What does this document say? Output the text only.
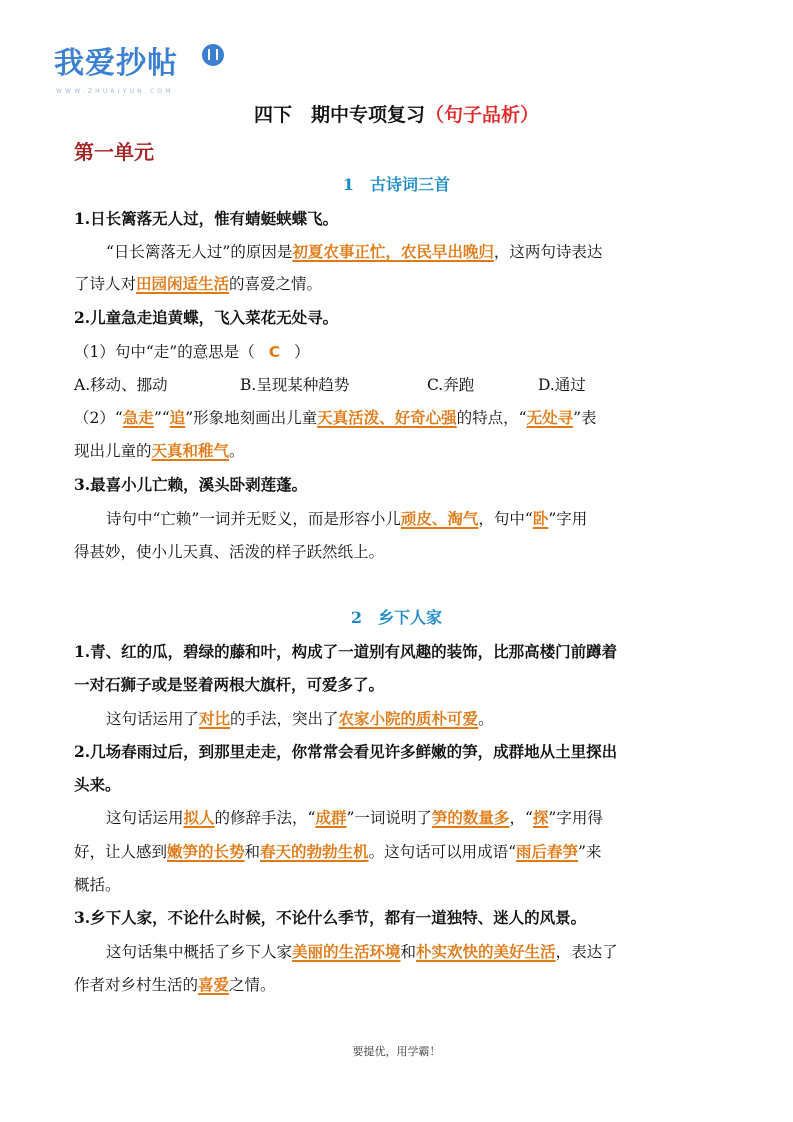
我爱抄帖
WWW.ZHUAIYUN.COM
四下　期中专项复习（句子品析）
第一单元
1　古诗词三首
1.日长篱落无人过，惟有蜻蜓蛱蝶飞。
“日长篱落无人过”的原因是初夏农事正忙，农民早出晚归，这两句诗表达
了诗人对田园闲适生活的喜爱之情。
2.儿童急走追黄蝶，飞入菜花无处寻。
（1）句中“走”的意思是（ C ）
A.移动、挪动	B.呈现某种趋势	C.奔跑	D.通过
（2）“急走”“追”形象地刻画出儿童天真活泼、好奇心强的特点，“无处寻”表
现出儿童的天真和稚气。
3.最喜小儿亡赖，溪头卧剥莲蓬。
诗句中“亡赖”一词并无贬义，而是形容小儿顽皮、淘气，句中“卧”字用
得甚妙，使小儿天真、活泼的样子跃然纸上。
2　乡下人家
1.青、红的瓜，碧绿的藤和叶，构成了一道别有风趣的装饰，比那高楼门前蹲着
一对石狮子或是竖着两根大旗杆，可爱多了。
这句话运用了对比的手法，突出了农家小院的质朴可爱。
2.几场春雨过后，到那里走走，你常常会看见许多鲜嫩的笋，成群地从土里探出
头来。
这句话运用拟人的修辞手法，“成群”一词说明了笋的数量多，“探”字用得
好，让人感到嫩笋的长势和春天的勃勃生机。这句话可以用成语“雨后春笋”来
概括。
3.乡下人家，不论什么时候，不论什么季节，都有一道独特、迷人的风景。
这句话集中概括了乡下人家美丽的生活环境和朴实欢快的美好生活，表达了
作者对乡村生活的喜爱之情。
要提优，用学霸！
